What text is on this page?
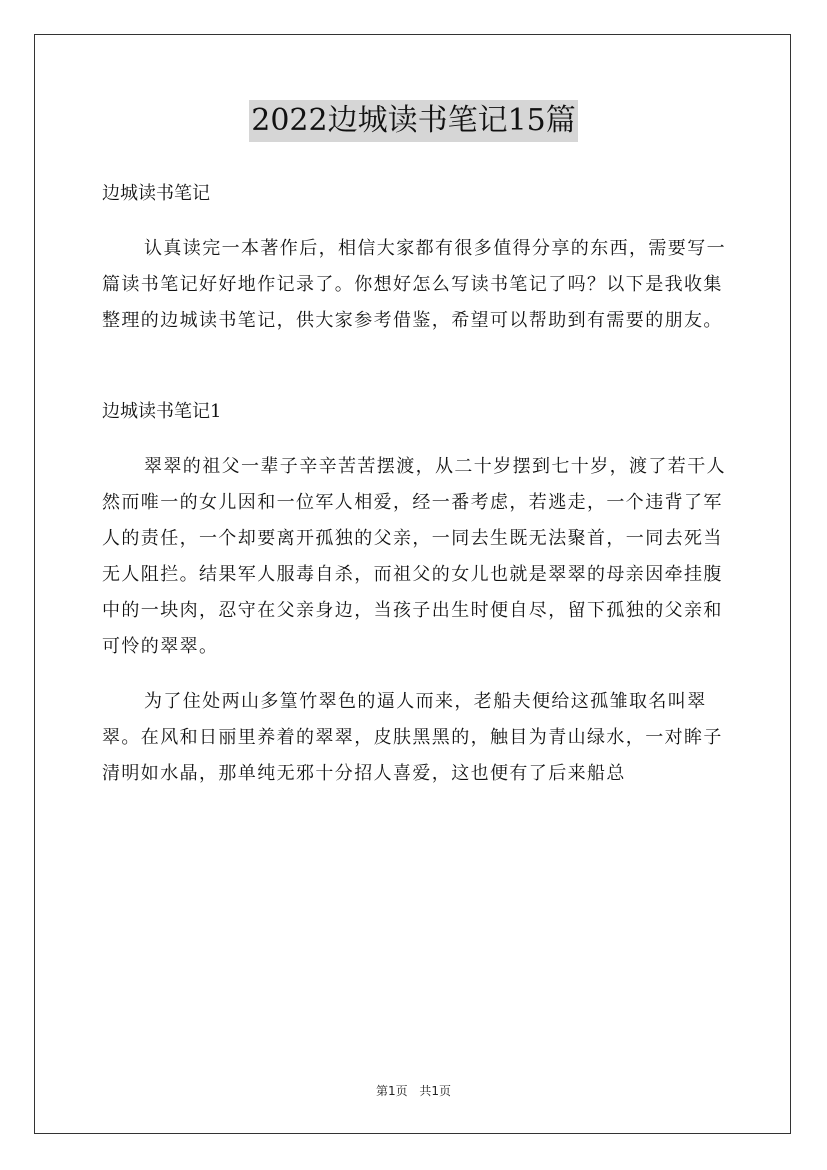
2022边城读书笔记15篇

边城读书笔记

认真读完一本著作后，相信大家都有很多值得分享的东西，需要写一篇读书笔记好好地作记录了。你想好怎么写读书笔记了吗？以下是我收集整理的边城读书笔记，供大家参考借鉴，希望可以帮助到有需要的朋友。

边城读书笔记1

翠翠的祖父一辈子辛辛苦苦摆渡，从二十岁摆到七十岁，渡了若干人然而唯一的女儿因和一位军人相爱，经一番考虑，若逃走，一个违背了军人的责任，一个却要离开孤独的父亲，一同去生既无法聚首，一同去死当无人阻拦。结果军人服毒自杀，而祖父的女儿也就是翠翠的母亲因牵挂腹中的一块肉，忍守在父亲身边，当孩子出生时便自尽，留下孤独的父亲和可怜的翠翠。

为了住处两山多篁竹翠色的逼人而来，老船夫便给这孤雏取名叫翠翠。在风和日丽里养着的翠翠，皮肤黑黑的，触目为青山绿水，一对眸子清明如水晶，那单纯无邪十分招人喜爱，这也便有了后来船总

第1页 共1页
